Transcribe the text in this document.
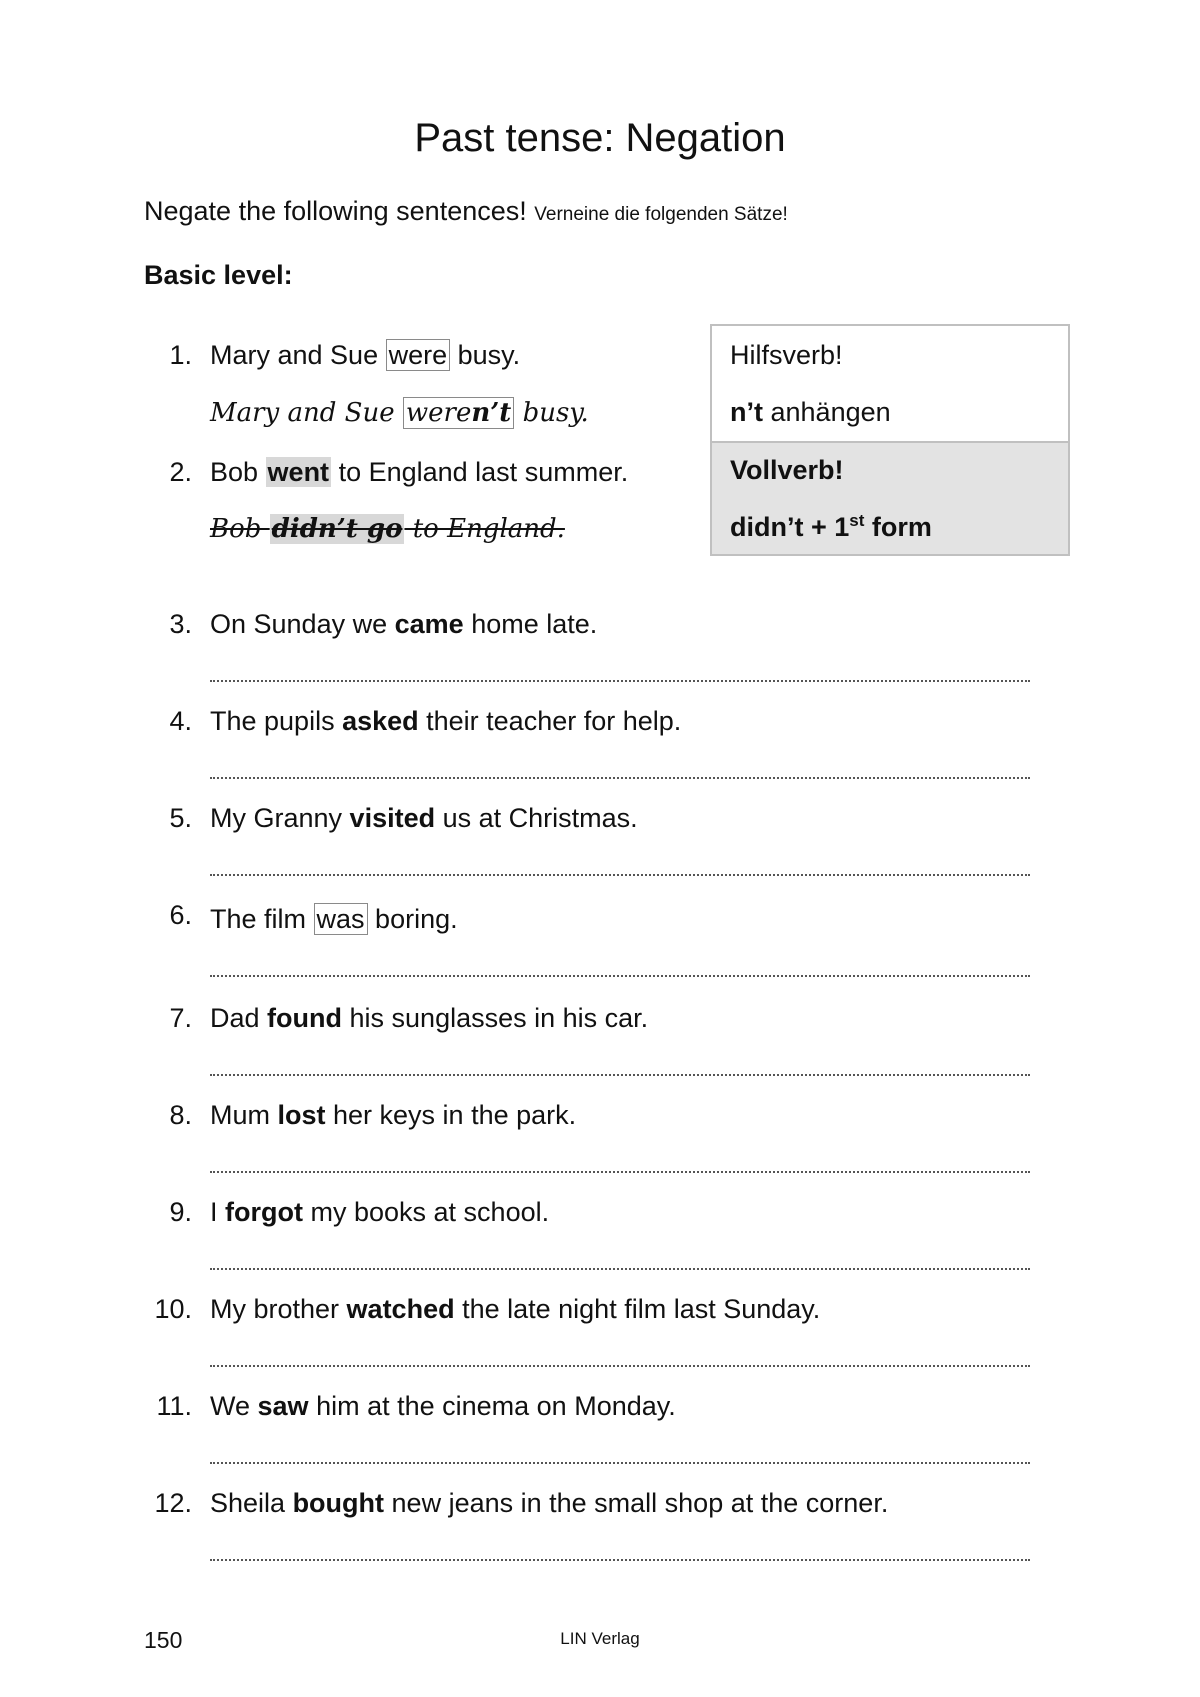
Past tense: Negation
Negate the following sentences! Verneine die folgenden Sätze!
Basic level:
1. Mary and Sue were busy.
Mary and Sue weren’t busy.
2. Bob went to England last summer.
Bob didn’t go to England.
Hilfsverb!
n’t anhängen
Vollverb!
didn’t + 1st form
3. On Sunday we came home late.
4. The pupils asked their teacher for help.
5. My Granny visited us at Christmas.
6. The film was boring.
7. Dad found his sunglasses in his car.
8. Mum lost her keys in the park.
9. I forgot my books at school.
10. My brother watched the late night film last Sunday.
11. We saw him at the cinema on Monday.
12. Sheila bought new jeans in the small shop at the corner.
150	LIN Verlag
